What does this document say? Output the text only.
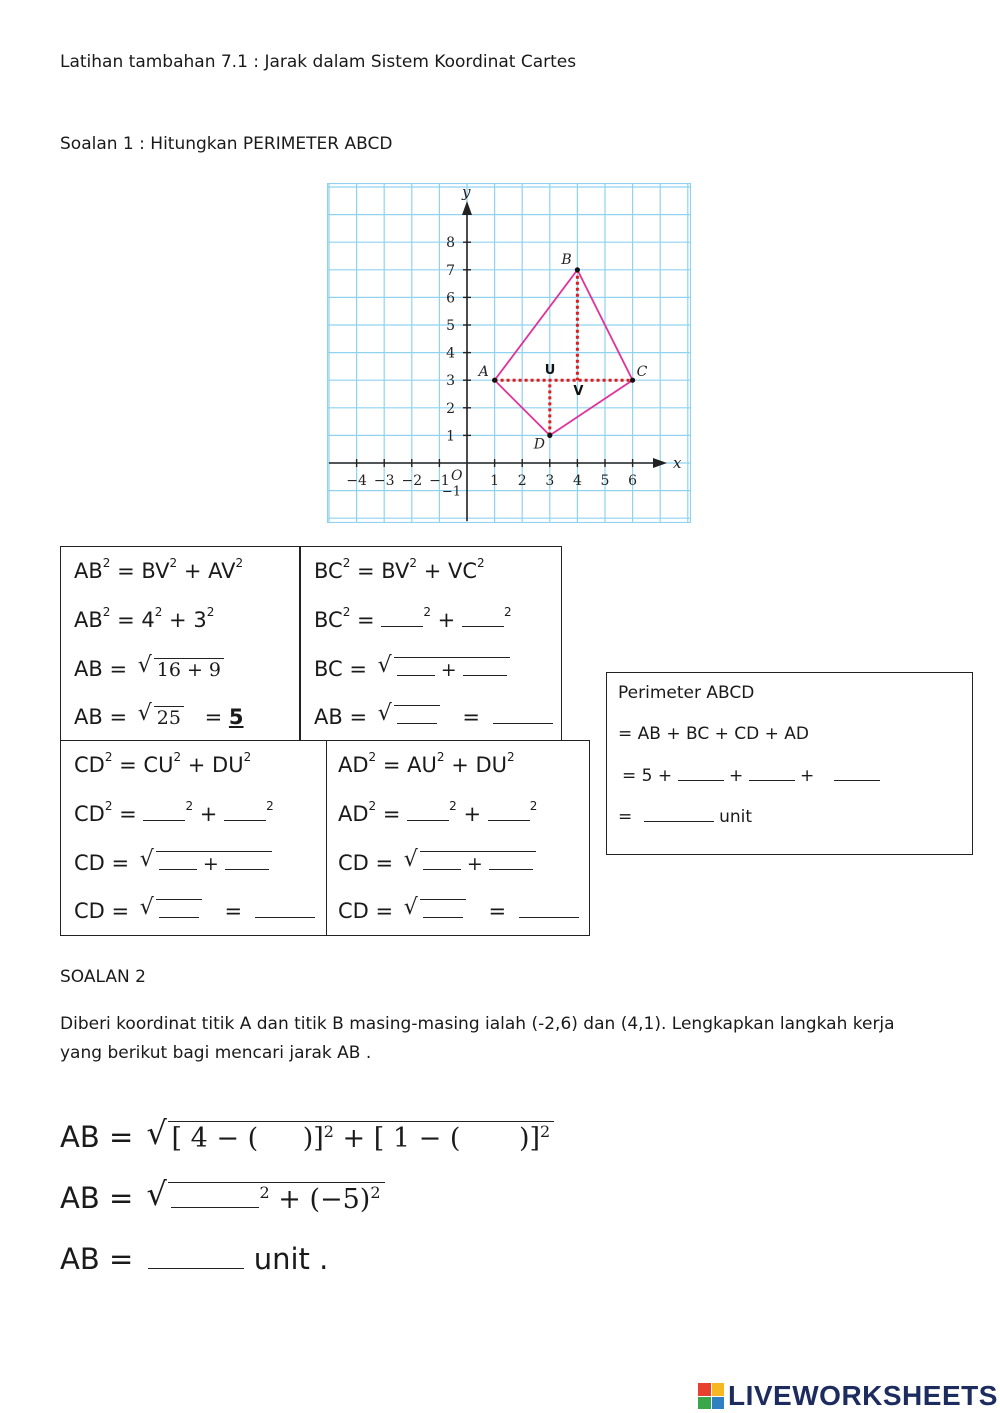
Latihan tambahan 7.1 : Jarak dalam Sistem Koordinat Cartes
Soalan 1 : Hitungkan PERIMETER ABCD
−4 −3 −2 −1	1 2 3 4 5 6
1
2
3
4
5
6
7
8
−1
O
x
y
U
V
A
B
C
D
$AB^2 = BV^2 + AV^2$
$AB^2 = 4^2 + 3^2$
AB = √ 16 + 9
AB = √ 25 = 5
$BC^2 = BV^2 + VC^2$
$BC^2$ =	$^2$ +	$^2$
BC = √	+
AB = √	=
$CD^2 = CU^2 + DU^2$
$CD^2$ =	$^2$ +	$^2$
CD = √	+
CD = √	=
$AD^2 = AU^2 + DU^2$
$AD^2$ =	$^2$ +	$^2$
CD = √	+
CD = √	=
Perimeter ABCD
= AB + BC + CD + AD
= 5 +	+	+
=	unit
SOALAN 2
Diberi koordinat titik A dan titik B masing-masing ialah (-2,6) dan (4,1). Lengkapkan langkah kerja yang berikut bagi mencari jarak AB .
AB = √ [ 4 − ( )]$^2$ + [ 1 − ( )]$^2$
AB = √	$^2 + (-5)^2$
AB =	unit .
LIVEWORKSHEETS
